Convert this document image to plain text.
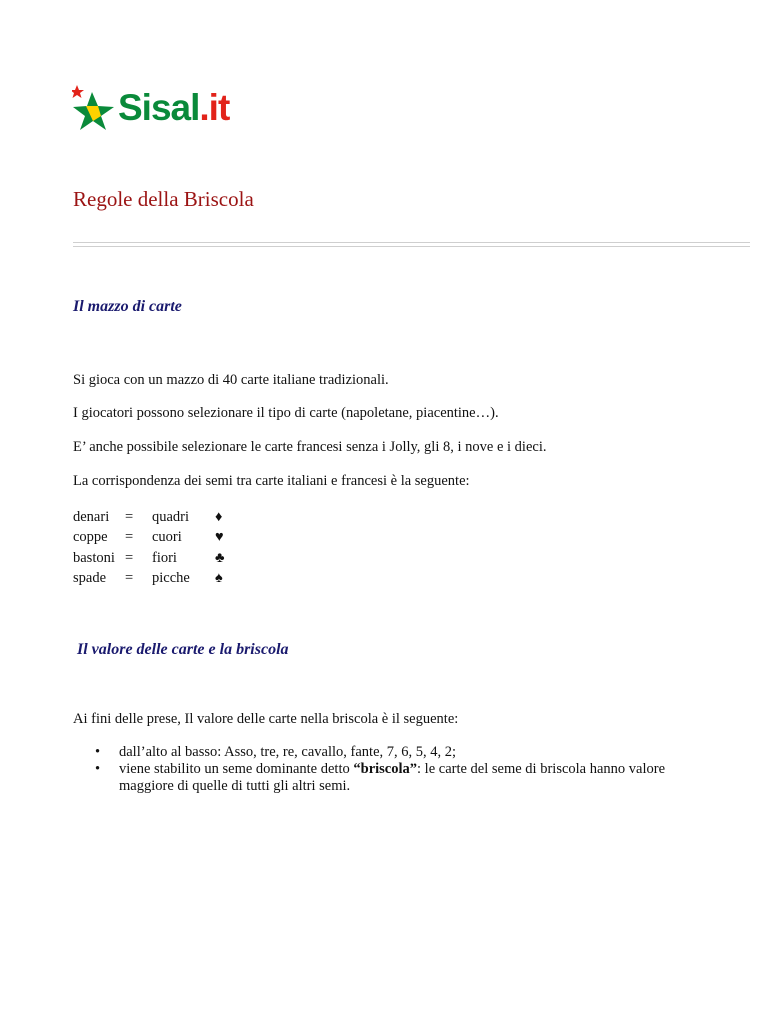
Sisal.it
Regole della Briscola
Il mazzo di carte

Si gioca con un mazzo di 40 carte italiane tradizionali.

I giocatori possono selezionare il tipo di carte (napoletane, piacentine…).

E’ anche possibile selezionare le carte francesi senza i Jolly, gli 8, i nove e i dieci.

La corrispondenza dei semi tra carte italiani e francesi è la seguente:

denari	=	quadri	♦
coppe	=	cuori	♥
bastoni	=	fiori	♣
spade	=	picche	♠
Il valore delle carte e la briscola

Ai fini delle prese, Il valore delle carte nella briscola è il seguente:

• dall’alto al basso: Asso, tre, re, cavallo, fante, 7, 6, 5, 4, 2;
• viene stabilito un seme dominante detto “briscola”: le carte del seme di briscola hanno valore maggiore di quelle di tutti gli altri semi.
